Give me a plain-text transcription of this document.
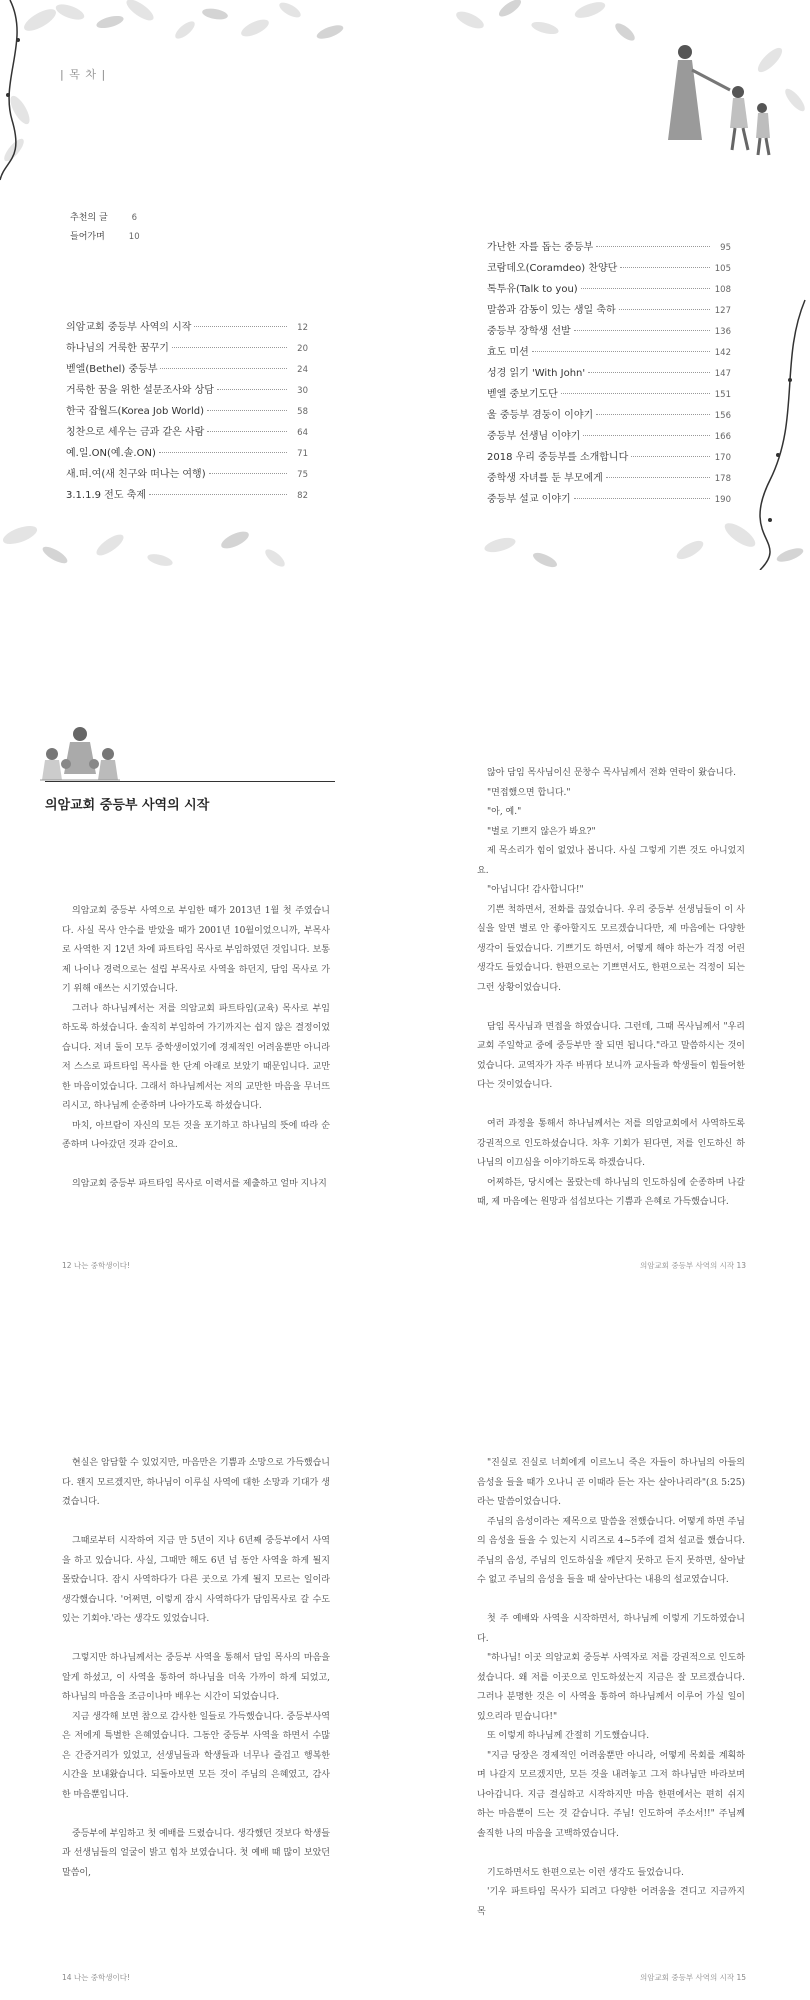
| 목 차 |
추천의 글	6
들어가며	10
의암교회 중등부 사역의 시작	12
하나님의 거룩한 꿈꾸기	20
벧엘(Bethel) 중등부	24
거룩한 꿈을 위한 설문조사와 상담	30
한국 잡월드(Korea Job World)	58
칭찬으로 세우는 금과 같은 사람	64
예.일.ON(예.솔.ON)	71
새.떠.여(새 친구와 떠나는 여행)	75
3.1.1.9 전도 축제	82
가난한 자를 돕는 중등부	95
코람데오(Coramdeo) 찬양단	105
톡투유(Talk to you)	108
말씀과 감동이 있는 생일 축하	127
중등부 장학생 선발	136
효도 미션	142
성경 읽기 'With John'	147
벧엘 중보기도단	151
울 중등부 겸둥이 이야기	156
중등부 선생님 이야기	166
2018 우리 중등부를 소개합니다	170
중학생 자녀를 둔 부모에게	178
중등부 설교 이야기	190
의암교회 중등부 사역의 시작

의암교회 중등부 사역으로 부임한 때가 2013년 1월 첫 주였습니다. 사실 목사 안수를 받았을 때가 2001년 10월이었으니까, 부목사로 사역한 지 12년 차에 파트타임 목사로 부임하였던 것입니다. 보통 제 나이나 경력으로는 설립 부목사로 사역을 하던지, 담임 목사로 가기 위해 애쓰는 시기였습니다.

그러나 하나님께서는 저를 의암교회 파트타임(교육) 목사로 부임하도록 하셨습니다. 솔직히 부임하여 가기까지는 쉽지 않은 결정이었습니다. 저녀 둘이 모두 중학생이었기에 경제적인 어려움뿐만 아니라 저 스스로 파트타임 목사를 한 단계 아래로 보았기 때문입니다. 교만한 마음이었습니다. 그래서 하나님께서는 저의 교만한 마음을 무너뜨리시고, 하나님께 순종하며 나아가도록 하셨습니다.

마치, 아브람이 자신의 모든 것을 포기하고 하나님의 뜻에 따라 순종하며 나아갔던 것과 같이요.

의암교회 중등부 파트타임 목사로 이력서를 제출하고 얼마 지나지

않아 담임 목사님이신 문창수 목사님께서 전화 연락이 왔습니다.

"면접했으면 합니다."

"아, 예."

"별로 기쁘지 않은가 봐요?"

제 목소리가 힘이 없었나 봅니다. 사실 그렇게 기쁜 것도 아니었지요.

"아닙니다! 감사합니다!"

기쁜 척하면서, 전화를 끊었습니다. 우리 중등부 선생님들이 이 사실을 알면 별로 안 좋아할지도 모르겠습니다만, 제 마음에는 다양한 생각이 들었습니다. 기쁘기도 하면서, 어떻게 해야 하는가 걱정 어린 생각도 들었습니다. 한편으로는 기쁘면서도, 한편으로는 걱정이 되는 그런 상황이었습니다.

담임 목사님과 면접을 하였습니다. 그런데, 그때 목사님께서 "우리 교회 주일학교 중에 중등부만 잘 되면 됩니다."라고 말씀하시는 것이었습니다. 교역자가 자주 바뀌다 보니까 교사들과 학생들이 힘들어한다는 것이었습니다.

여러 과정을 통해서 하나님께서는 저를 의암교회에서 사역하도록 강권적으로 인도하셨습니다. 차후 기회가 된다면, 저를 인도하신 하나님의 이끄심을 이야기하도록 하겠습니다.

어찌하든, 당시에는 몰랐는데 하나님의 인도하심에 순종하며 나갈 때, 제 마음에는 원망과 섭섭보다는 기쁨과 은혜로 가득했습니다.

12 나는 중학생이다!	의암교회 중등부 사역의 시작 13

현실은 암담할 수 있었지만, 마음만은 기쁨과 소망으로 가득했습니다. 왠지 모르겠지만, 하나님이 이루실 사역에 대한 소망과 기대가 생겼습니다.

그때로부터 시작하여 지금 만 5년이 지나 6년째 중등부에서 사역을 하고 있습니다. 사실, 그때만 해도 6년 넘 동안 사역을 하게 될지 몰랐습니다. 잠시 사역하다가 다른 곳으로 가게 될지 모르는 일이라 생각했습니다. '어쩌면, 이렇게 잠시 사역하다가 담임목사로 갈 수도 있는 기회야.'라는 생각도 있었습니다.

그렇지만 하나님께서는 중등부 사역을 통해서 담임 목사의 마음을 알게 하셨고, 이 사역을 통하여 하나님을 더욱 가까이 하게 되었고, 하나님의 마음을 조금이나마 배우는 시간이 되었습니다.

지금 생각해 보면 참으로 감사한 일들로 가득했습니다. 중등부사역은 저에게 특별한 은혜였습니다. 그동안 중등부 사역을 하면서 수많은 간증거리가 있었고, 선생님들과 학생들과 너무나 즐겁고 행복한 시간을 보내왔습니다. 되돌아보면 모든 것이 주님의 은혜였고, 감사한 마음뿐입니다.

중등부에 부임하고 첫 예배를 드렸습니다. 생각했던 것보다 학생들과 선생님들의 얼굴이 밝고 힘차 보였습니다. 첫 예배 때 많이 보았던 말씀이,

"진실로 진실로 너희에게 이르노니 죽은 자들이 하나님의 아들의 음성을 들을 때가 오나니 곧 이때라 듣는 자는 살아나리라"(요 5:25)라는 말씀이었습니다.

주님의 음성이라는 제목으로 말씀을 전했습니다. 어떻게 하면 주님의 음성을 들을 수 있는지 시리즈로 4~5주에 걸쳐 설교를 했습니다. 주님의 음성, 주님의 인도하심을 깨닫지 못하고 듣지 못하면, 살아날 수 없고 주님의 음성을 들을 때 살아난다는 내용의 설교였습니다.

첫 주 예배와 사역을 시작하면서, 하나님께 이렇게 기도하였습니다.

"하나님! 이곳 의암교회 중등부 사역자로 저를 강권적으로 인도하셨습니다. 왜 저를 이곳으로 인도하셨는지 지금은 잘 모르겠습니다. 그러나 분명한 것은 이 사역을 통하여 하나님께서 이루어 가실 일이 있으리라 믿습니다!"

또 이렇게 하나님께 간절히 기도했습니다.

"지금 당장은 경제적인 어려움뿐만 아니라, 어떻게 목회를 계획하며 나갈지 모르겠지만, 모든 것을 내려놓고 그저 하나님만 바라보며 나아갑니다. 지금 결심하고 시작하지만 마음 한편에서는 편히 쉬지 하는 마음뿐이 드는 것 같습니다. 주님! 인도하여 주소서!!" 주님께 솔직한 나의 마음을 고백하였습니다.

기도하면서도 한편으로는 이런 생각도 들었습니다.

'기우 파트타임 목사가 되려고 다양한 어려움을 견디고 지금까지 목

14 나는 중학생이다!	의암교회 중등부 사역의 시작 15
